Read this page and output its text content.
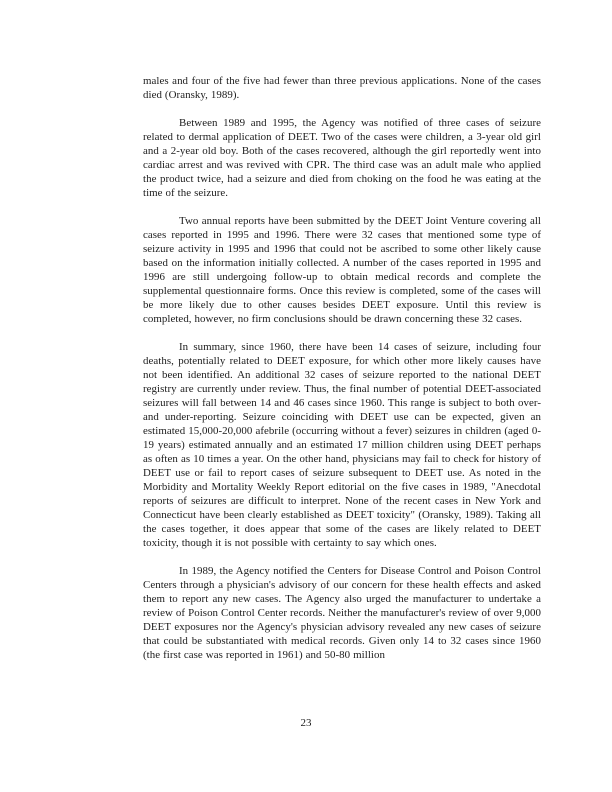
males and four of the five had fewer than three previous applications. None of the cases died (Oransky, 1989).

Between 1989 and 1995, the Agency was notified of three cases of seizure related to dermal application of DEET. Two of the cases were children, a 3-year old girl and a 2-year old boy. Both of the cases recovered, although the girl reportedly went into cardiac arrest and was revived with CPR. The third case was an adult male who applied the product twice, had a seizure and died from choking on the food he was eating at the time of the seizure.

Two annual reports have been submitted by the DEET Joint Venture covering all cases reported in 1995 and 1996. There were 32 cases that mentioned some type of seizure activity in 1995 and 1996 that could not be ascribed to some other likely cause based on the information initially collected. A number of the cases reported in 1995 and 1996 are still undergoing follow-up to obtain medical records and complete the supplemental questionnaire forms. Once this review is completed, some of the cases will be more likely due to other causes besides DEET exposure. Until this review is completed, however, no firm conclusions should be drawn concerning these 32 cases.

In summary, since 1960, there have been 14 cases of seizure, including four deaths, potentially related to DEET exposure, for which other more likely causes have not been identified. An additional 32 cases of seizure reported to the national DEET registry are currently under review. Thus, the final number of potential DEET-associated seizures will fall between 14 and 46 cases since 1960. This range is subject to both over- and under-reporting. Seizure coinciding with DEET use can be expected, given an estimated 15,000-20,000 afebrile (occurring without a fever) seizures in children (aged 0-19 years) estimated annually and an estimated 17 million children using DEET perhaps as often as 10 times a year. On the other hand, physicians may fail to check for history of DEET use or fail to report cases of seizure subsequent to DEET use. As noted in the Morbidity and Mortality Weekly Report editorial on the five cases in 1989, "Anecdotal reports of seizures are difficult to interpret. None of the recent cases in New York and Connecticut have been clearly established as DEET toxicity" (Oransky, 1989). Taking all the cases together, it does appear that some of the cases are likely related to DEET toxicity, though it is not possible with certainty to say which ones.

In 1989, the Agency notified the Centers for Disease Control and Poison Control Centers through a physician's advisory of our concern for these health effects and asked them to report any new cases. The Agency also urged the manufacturer to undertake a review of Poison Control Center records. Neither the manufacturer's review of over 9,000 DEET exposures nor the Agency's physician advisory revealed any new cases of seizure that could be substantiated with medical records. Given only 14 to 32 cases since 1960 (the first case was reported in 1961) and 50-80 million

23
